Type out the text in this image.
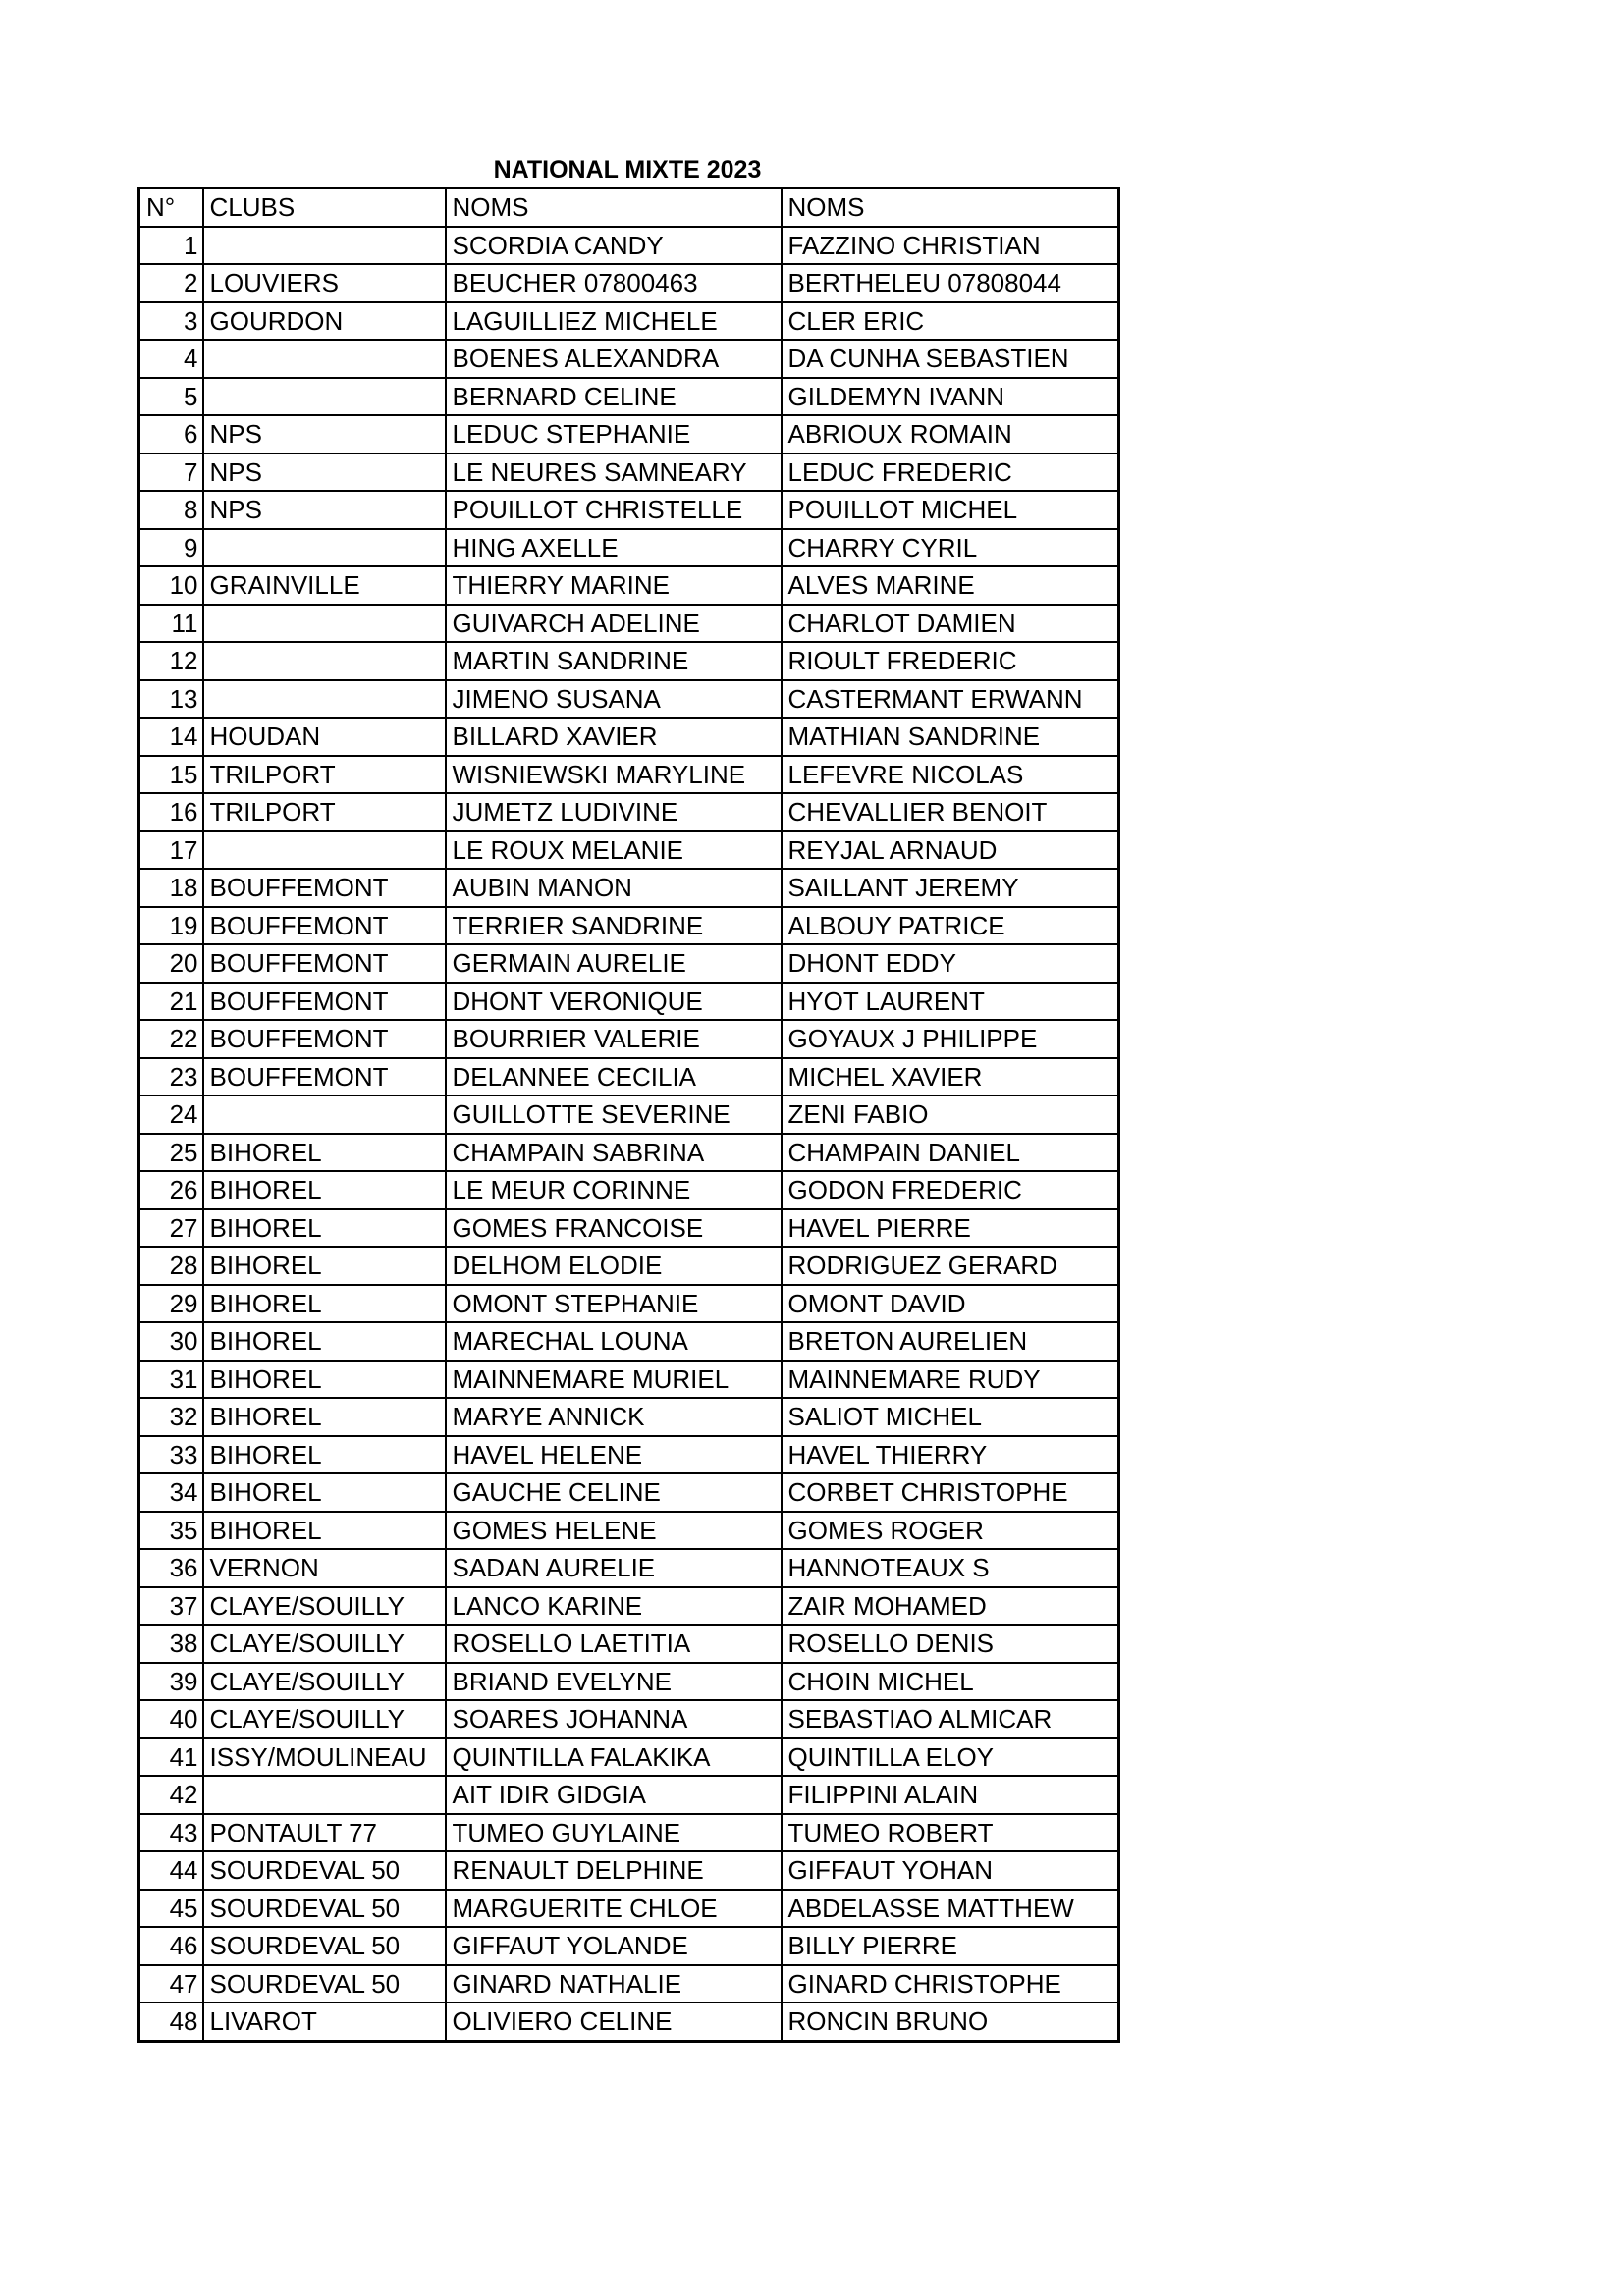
NATIONAL MIXTE 2023
N°	CLUBS	NOMS	NOMS
1		SCORDIA CANDY	FAZZINO CHRISTIAN
2	LOUVIERS	BEUCHER 07800463	BERTHELEU 07808044
3	GOURDON	LAGUILLIEZ MICHELE	CLER ERIC
4		BOENES ALEXANDRA	DA CUNHA SEBASTIEN
5		BERNARD CELINE	GILDEMYN IVANN
6	NPS	LEDUC STEPHANIE	ABRIOUX ROMAIN
7	NPS	LE NEURES SAMNEARY	LEDUC FREDERIC
8	NPS	POUILLOT CHRISTELLE	POUILLOT MICHEL
9		HING AXELLE	CHARRY CYRIL
10	GRAINVILLE	THIERRY MARINE	ALVES MARINE
11		GUIVARCH ADELINE	CHARLOT DAMIEN
12		MARTIN SANDRINE	RIOULT FREDERIC
13		JIMENO SUSANA	CASTERMANT ERWANN
14	HOUDAN	BILLARD XAVIER	MATHIAN SANDRINE
15	TRILPORT	WISNIEWSKI MARYLINE	LEFEVRE NICOLAS
16	TRILPORT	JUMETZ LUDIVINE	CHEVALLIER BENOIT
17		LE ROUX MELANIE	REYJAL ARNAUD
18	BOUFFEMONT	AUBIN MANON	SAILLANT JEREMY
19	BOUFFEMONT	TERRIER SANDRINE	ALBOUY PATRICE
20	BOUFFEMONT	GERMAIN AURELIE	DHONT EDDY
21	BOUFFEMONT	DHONT VERONIQUE	HYOT LAURENT
22	BOUFFEMONT	BOURRIER VALERIE	GOYAUX J PHILIPPE
23	BOUFFEMONT	DELANNEE CECILIA	MICHEL XAVIER
24		GUILLOTTE SEVERINE	ZENI FABIO
25	BIHOREL	CHAMPAIN SABRINA	CHAMPAIN DANIEL
26	BIHOREL	LE MEUR CORINNE	GODON FREDERIC
27	BIHOREL	GOMES FRANCOISE	HAVEL PIERRE
28	BIHOREL	DELHOM ELODIE	RODRIGUEZ GERARD
29	BIHOREL	OMONT STEPHANIE	OMONT DAVID
30	BIHOREL	MARECHAL LOUNA	BRETON AURELIEN
31	BIHOREL	MAINNEMARE MURIEL	MAINNEMARE RUDY
32	BIHOREL	MARYE ANNICK	SALIOT MICHEL
33	BIHOREL	HAVEL HELENE	HAVEL THIERRY
34	BIHOREL	GAUCHE CELINE	CORBET CHRISTOPHE
35	BIHOREL	GOMES HELENE	GOMES ROGER
36	VERNON	SADAN AURELIE	HANNOTEAUX S
37	CLAYE/SOUILLY	LANCO KARINE	ZAIR MOHAMED
38	CLAYE/SOUILLY	ROSELLO LAETITIA	ROSELLO DENIS
39	CLAYE/SOUILLY	BRIAND EVELYNE	CHOIN MICHEL
40	CLAYE/SOUILLY	SOARES JOHANNA	SEBASTIAO ALMICAR
41	ISSY/MOULINEAU	QUINTILLA FALAKIKA	QUINTILLA ELOY
42		AIT IDIR GIDGIA	FILIPPINI ALAIN
43	PONTAULT 77	TUMEO GUYLAINE	TUMEO ROBERT
44	SOURDEVAL 50	RENAULT DELPHINE	GIFFAUT YOHAN
45	SOURDEVAL 50	MARGUERITE CHLOE	ABDELASSE MATTHEW
46	SOURDEVAL 50	GIFFAUT YOLANDE	BILLY PIERRE
47	SOURDEVAL 50	GINARD NATHALIE	GINARD CHRISTOPHE
48	LIVAROT	OLIVIERO CELINE	RONCIN BRUNO
